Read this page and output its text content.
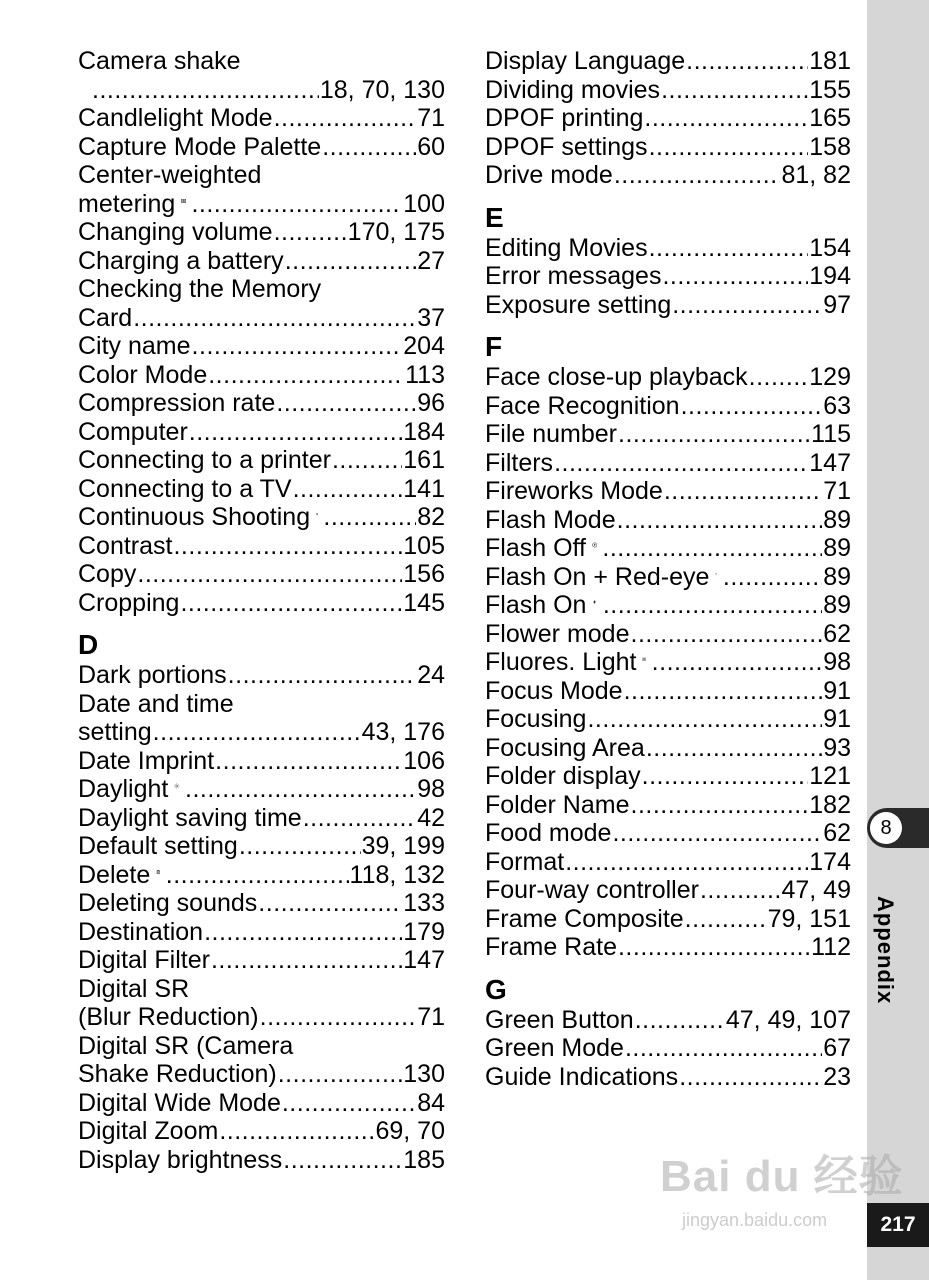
Camera shake
.....
18, 70, 130
Candlelight Mode .....	71
Capture Mode Palette .....	60
Center-weighted
metering .....	100
Changing volume .....	170, 175
Charging a battery .....	27
Checking the Memory
Card .....	37
City name .....	204
Color Mode .....	113
Compression rate .....	96
Computer .....	184
Connecting to a printer .....	161
Connecting to a TV .....	141
Continuous Shooting .....	82
Contrast .....	105
Copy .....	156
Cropping .....	145
D
Dark portions .....	24
Date and time
setting .....	43, 176
Date Imprint .....	106
Daylight .....	98
Daylight saving time .....	42
Default setting .....	39, 199
Delete .....	118, 132
Deleting sounds .....	133
Destination .....	179
Digital Filter .....	147
Digital SR
(Blur Reduction) .....	71
Digital SR (Camera
Shake Reduction) .....	130
Digital Wide Mode .....	84
Digital Zoom .....	69, 70
Display brightness .....	185
Display Language .....	181
Dividing movies .....	155
DPOF printing .....	165
DPOF settings .....	158
Drive mode .....	81, 82
E
Editing Movies .....	154
Error messages .....	194
Exposure setting .....	97
F
Face close-up playback ..... 129
Face Recognition .....	63
File number .....	115
Filters .....	147
Fireworks Mode .....	71
Flash Mode .....	89
Flash Off .....	89
Flash On + Red-eye .....	89
Flash On .....	89
Flower mode .....	62
Fluores. Light .....	98
Focus Mode .....	91
Focusing .....	91
Focusing Area .....	93
Folder display .....	121
Folder Name .....	182
Food mode .....	62
Format .....	174
Four-way controller .....	47, 49
Frame Composite .....	79, 151
Frame Rate .....	112
G
Green Button .....	47, 49, 107
Green Mode .....	67
Guide Indications .....	23
8
217
Bai du 经验
jingyan.baidu.com
